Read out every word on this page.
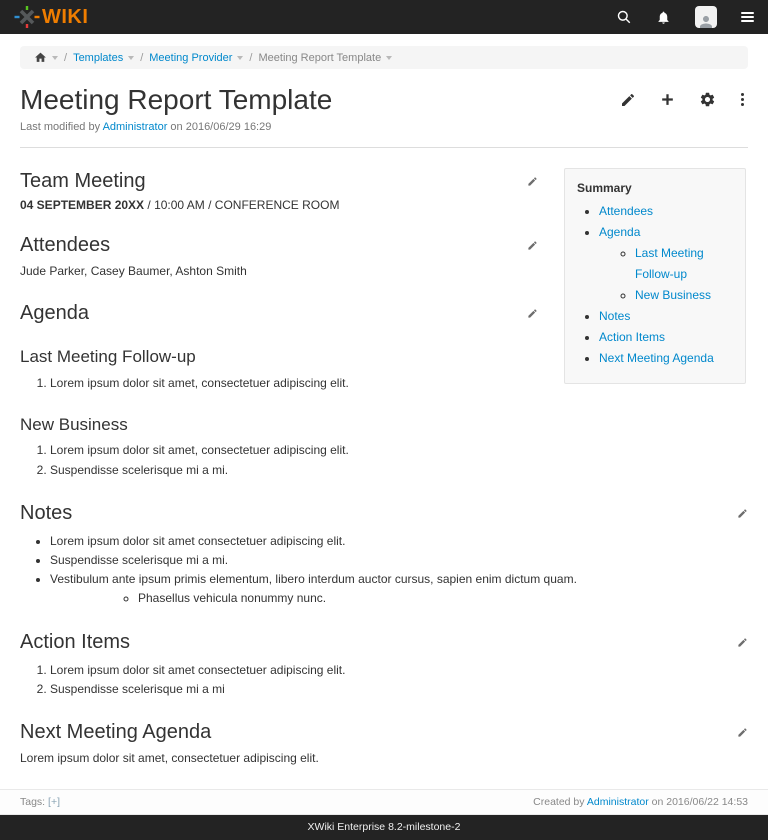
WIKI
/ Templates / Meeting Provider / Meeting Report Template
Meeting Report Template
Last modified by Administrator on 2016/06/29 16:29
Summary
• Attendees
• Agenda
◦ Last Meeting Follow-up
◦ New Business
• Notes
• Action Items
• Next Meeting Agenda
Team Meeting

04 SEPTEMBER 20XX / 10:00 AM / CONFERENCE ROOM

Attendees

Jude Parker, Casey Baumer, Ashton Smith

Agenda
Last Meeting Follow-up
1. Lorem ipsum dolor sit amet, consectetuer adipiscing elit.
New Business
1. Lorem ipsum dolor sit amet, consectetuer adipiscing elit.
2. Suspendisse scelerisque mi a mi.
Notes
• Lorem ipsum dolor sit amet consectetuer adipiscing elit.
• Suspendisse scelerisque mi a mi.
• Vestibulum ante ipsum primis elementum, libero interdum auctor cursus, sapien enim dictum quam.
◦ Phasellus vehicula nonummy nunc.
Action Items
1. Lorem ipsum dolor sit amet consectetuer adipiscing elit.
2. Suspendisse scelerisque mi a mi
Next Meeting Agenda

Lorem ipsum dolor sit amet, consectetuer adipiscing elit.

Tags: [+]	Created by Administrator on 2016/06/22 14:53
XWiki Enterprise 8.2-milestone-2
